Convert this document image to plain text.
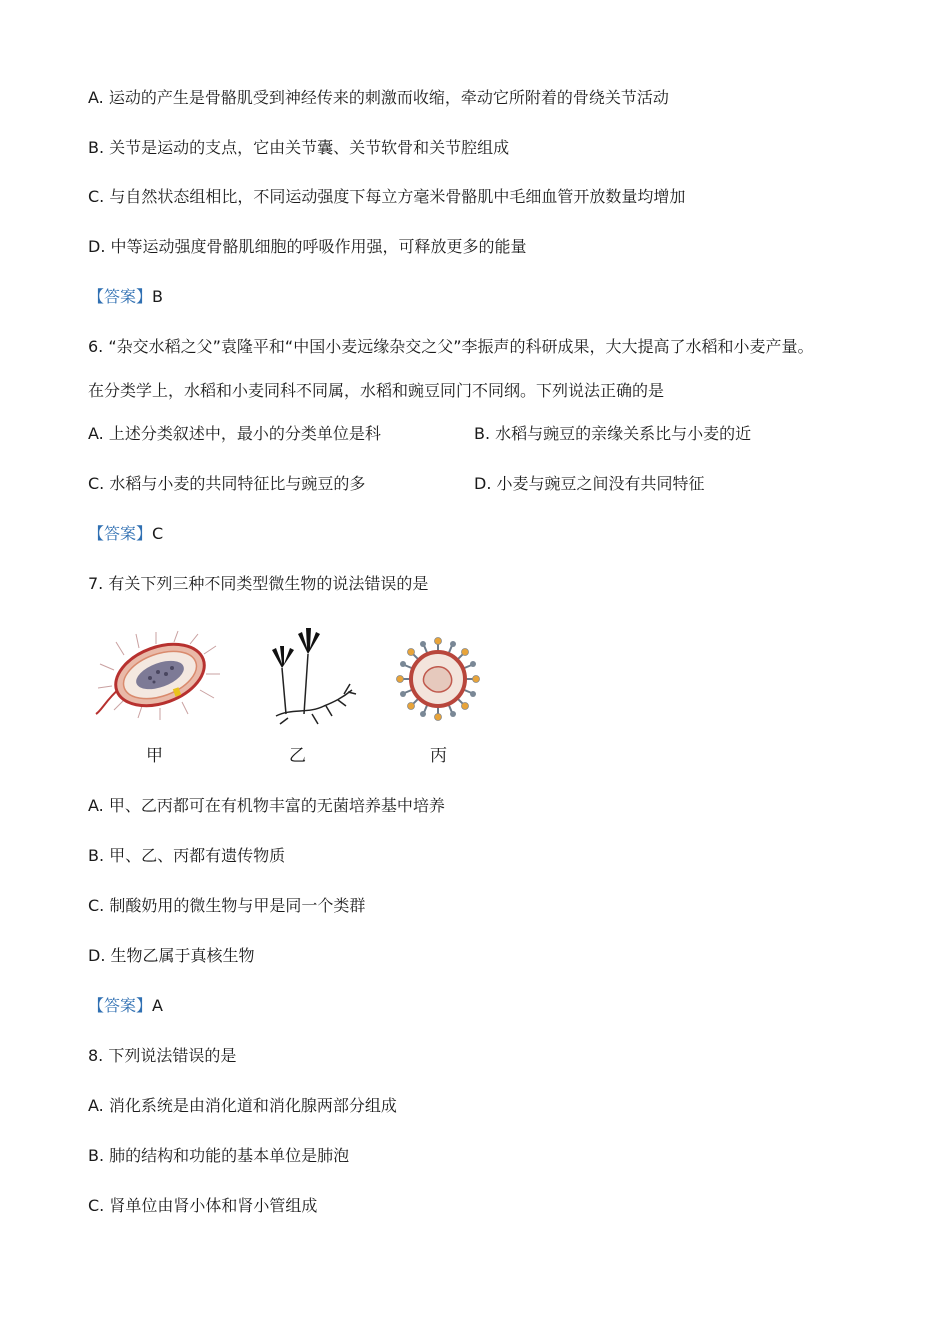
A. 运动的产生是骨骼肌受到神经传来的刺激而收缩，牵动它所附着的骨绕关节活动
B. 关节是运动的支点，它由关节囊、关节软骨和关节腔组成
C. 与自然状态组相比，不同运动强度下每立方毫米骨骼肌中毛细血管开放数量均增加
D. 中等运动强度骨骼肌细胞的呼吸作用强，可释放更多的能量
【答案】B
6. “杂交水稻之父”袁隆平和“中国小麦远缘杂交之父”李振声的科研成果，大大提高了水稻和小麦产量。
在分类学上，水稻和小麦同科不同属，水稻和豌豆同门不同纲。下列说法正确的是
A. 上述分类叙述中，最小的分类单位是科	B. 水稻与豌豆的亲缘关系比与小麦的近
C. 水稻与小麦的共同特征比与豌豆的多	D. 小麦与豌豆之间没有共同特征
【答案】C
7. 有关下列三种不同类型微生物的说法错误的是
甲	乙	丙
A. 甲、乙丙都可在有机物丰富的无菌培养基中培养
B. 甲、乙、丙都有遗传物质
C. 制酸奶用的微生物与甲是同一个类群
D. 生物乙属于真核生物
【答案】A
8. 下列说法错误的是
A. 消化系统是由消化道和消化腺两部分组成
B. 肺的结构和功能的基本单位是肺泡
C. 肾单位由肾小体和肾小管组成
